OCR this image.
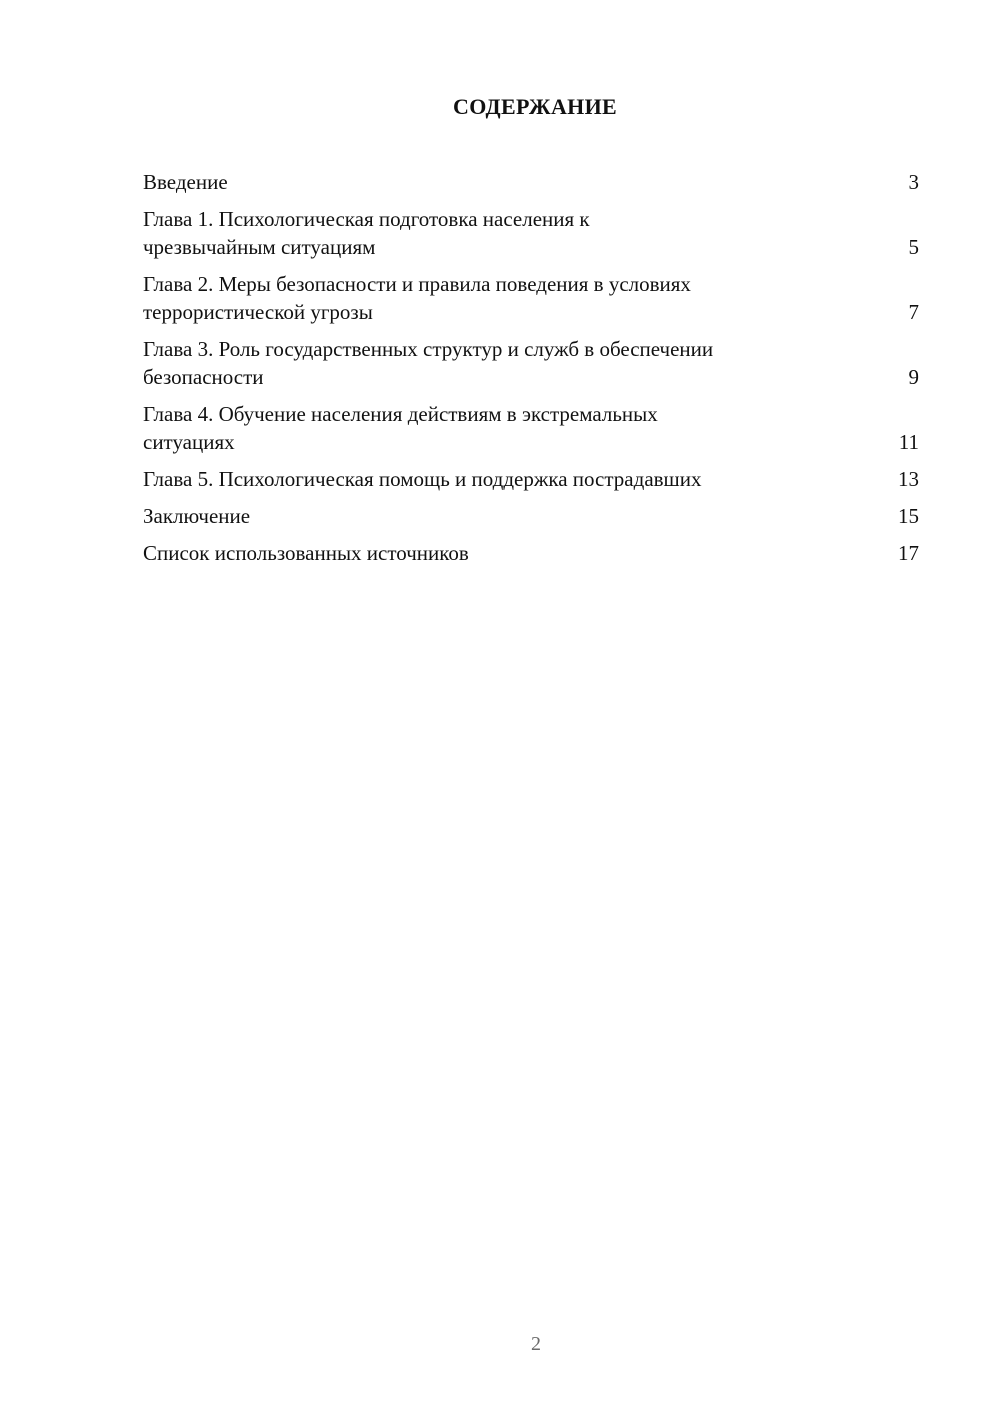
СОДЕРЖАНИЕ
Введение	3
Глава 1. Психологическая подготовка населения к
чрезвычайным ситуациям	5
Глава 2. Меры безопасности и правила поведения в условиях
террористической угрозы	7
Глава 3. Роль государственных структур и служб в обеспечении
безопасности	9
Глава 4. Обучение населения действиям в экстремальных
ситуациях	11
Глава 5. Психологическая помощь и поддержка пострадавших	13
Заключение	15
Список использованных источников	17
2
